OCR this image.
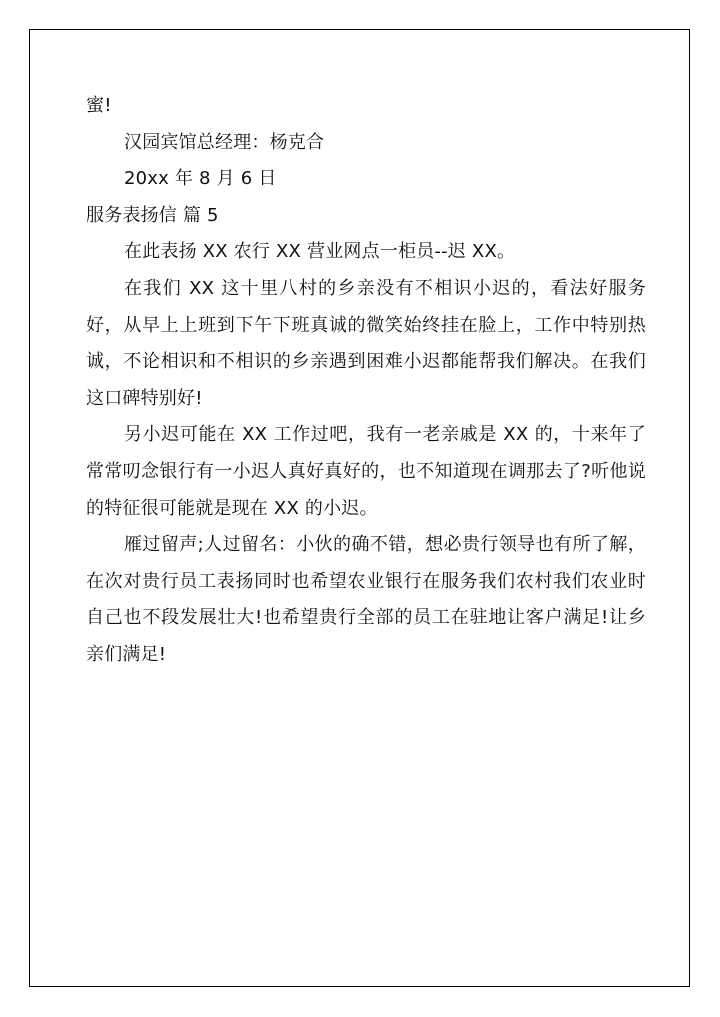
蜜!
汉园宾馆总经理：杨克合
20xx 年 8 月 6 日
服务表扬信 篇 5
在此表扬 XX 农行 XX 营业网点一柜员--迟 XX。
在我们 XX 这十里八村的乡亲没有不相识小迟的，看法好服务好，从早上上班到下午下班真诚的微笑始终挂在脸上，工作中特别热诚，不论相识和不相识的乡亲遇到困难小迟都能帮我们解决。在我们这口碑特别好!
另小迟可能在 XX 工作过吧，我有一老亲戚是 XX 的，十来年了常常叨念银行有一小迟人真好真好的，也不知道现在调那去了?听他说的特征很可能就是现在 XX 的小迟。
雁过留声;人过留名：小伙的确不错，想必贵行领导也有所了解，在次对贵行员工表扬同时也希望农业银行在服务我们农村我们农业时自己也不段发展壮大!也希望贵行全部的员工在驻地让客户满足!让乡亲们满足!
